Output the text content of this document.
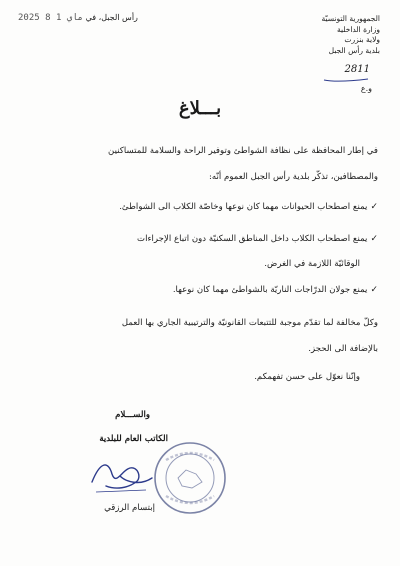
الجمهورية التونسيّة
وزارة الداخلية
ولاية بنزرت
بلدية رأس الجبل
2811
و.ع
رأس الجبل، في 2025 ماي 1 8
بـــلاغ
في إطار المحافظة على نظافة الشواطئ وتوفير الراحة والسلامة للمتساكنين
والمصطافين، تذكّر بلدية رأس الجبل العموم أنّه:
✓يمنع اصطحاب الحيوانات مهما كان نوعها وخاصّة الكلاب الى الشواطئ.
✓يمنع اصطحاب الكلاب داخل المناطق السكنيّة دون اتباع الإجراءات
الوقائيّة اللازمة في الغرض.
✓يمنع جولان الدرّاجات الناريّة بالشواطئ مهما كان نوعها.
وكلّ مخالفة لما تقدّم موجبة للتتبعات القانونيّة والترتيبية الجاري بها العمل
بالإضافة الى الحجز.
وإنّنا نعوّل على حسن تفهمكم.
والســـلام
الكاتب العام للبلدية
إبتسام الرزقي
